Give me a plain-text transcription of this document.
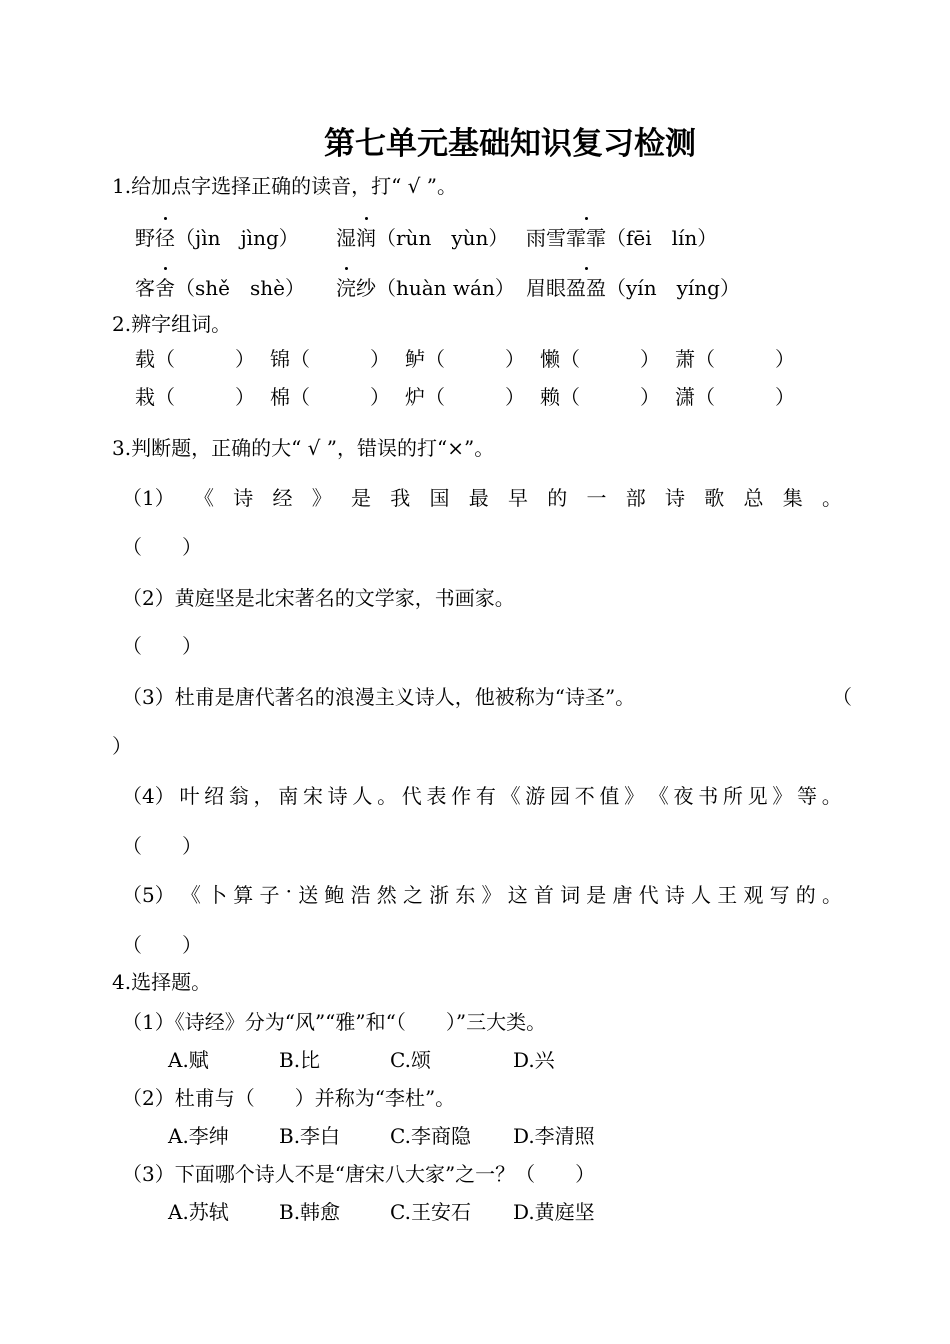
第七单元基础知识复习检测
1.给加点字选择正确的读音，打“ √ ”。
野径（jìn　jìng） 湿润（rùn　yùn） 雨雪霏霏（fēi　lín）
客舍（shě　shè） 浣纱（huàn wán） 眉眼盈盈（yín　yíng）
2.辨字组词。
载（　　　） 锦（　　　） 鲈（　　　） 懒（　　　） 萧（　　　）
栽（　　　） 棉（　　　） 炉（　　　） 赖（　　　） 潇（　　　）
3.判断题，正确的大“ √ ”，错误的打“×”。
（1） 《 诗 经 》 是 我 国 最 早 的 一 部 诗 歌 总 集 。
（　　）
（2）黄庭坚是北宋著名的文学家，书画家。
（　　）
（3）杜甫是唐代著名的浪漫主义诗人，他被称为“诗圣”。	（
）
（4） 叶 绍 翁 ， 南 宋 诗 人 。 代 表 作 有 《 游 园 不 值 》 《 夜 书 所 见 》 等 。
（　　）
（5） 《 卜 算 子 · 送 鲍 浩 然 之 浙 东 》 这 首 词 是 唐 代 诗 人 王 观 写 的 。
（　　）
4.选择题。
（1）《诗经》分为“风”“雅”和“（　　）”三大类。
A.赋	B.比	C.颂	D.兴
（2）杜甫与（　　）并称为“李杜”。
A.李绅	B.李白 C.李商隐 D.李清照
（3）下面哪个诗人不是“唐宋八大家”之一？（　　）
A.苏轼	B.韩愈 C.王安石 D.黄庭坚
